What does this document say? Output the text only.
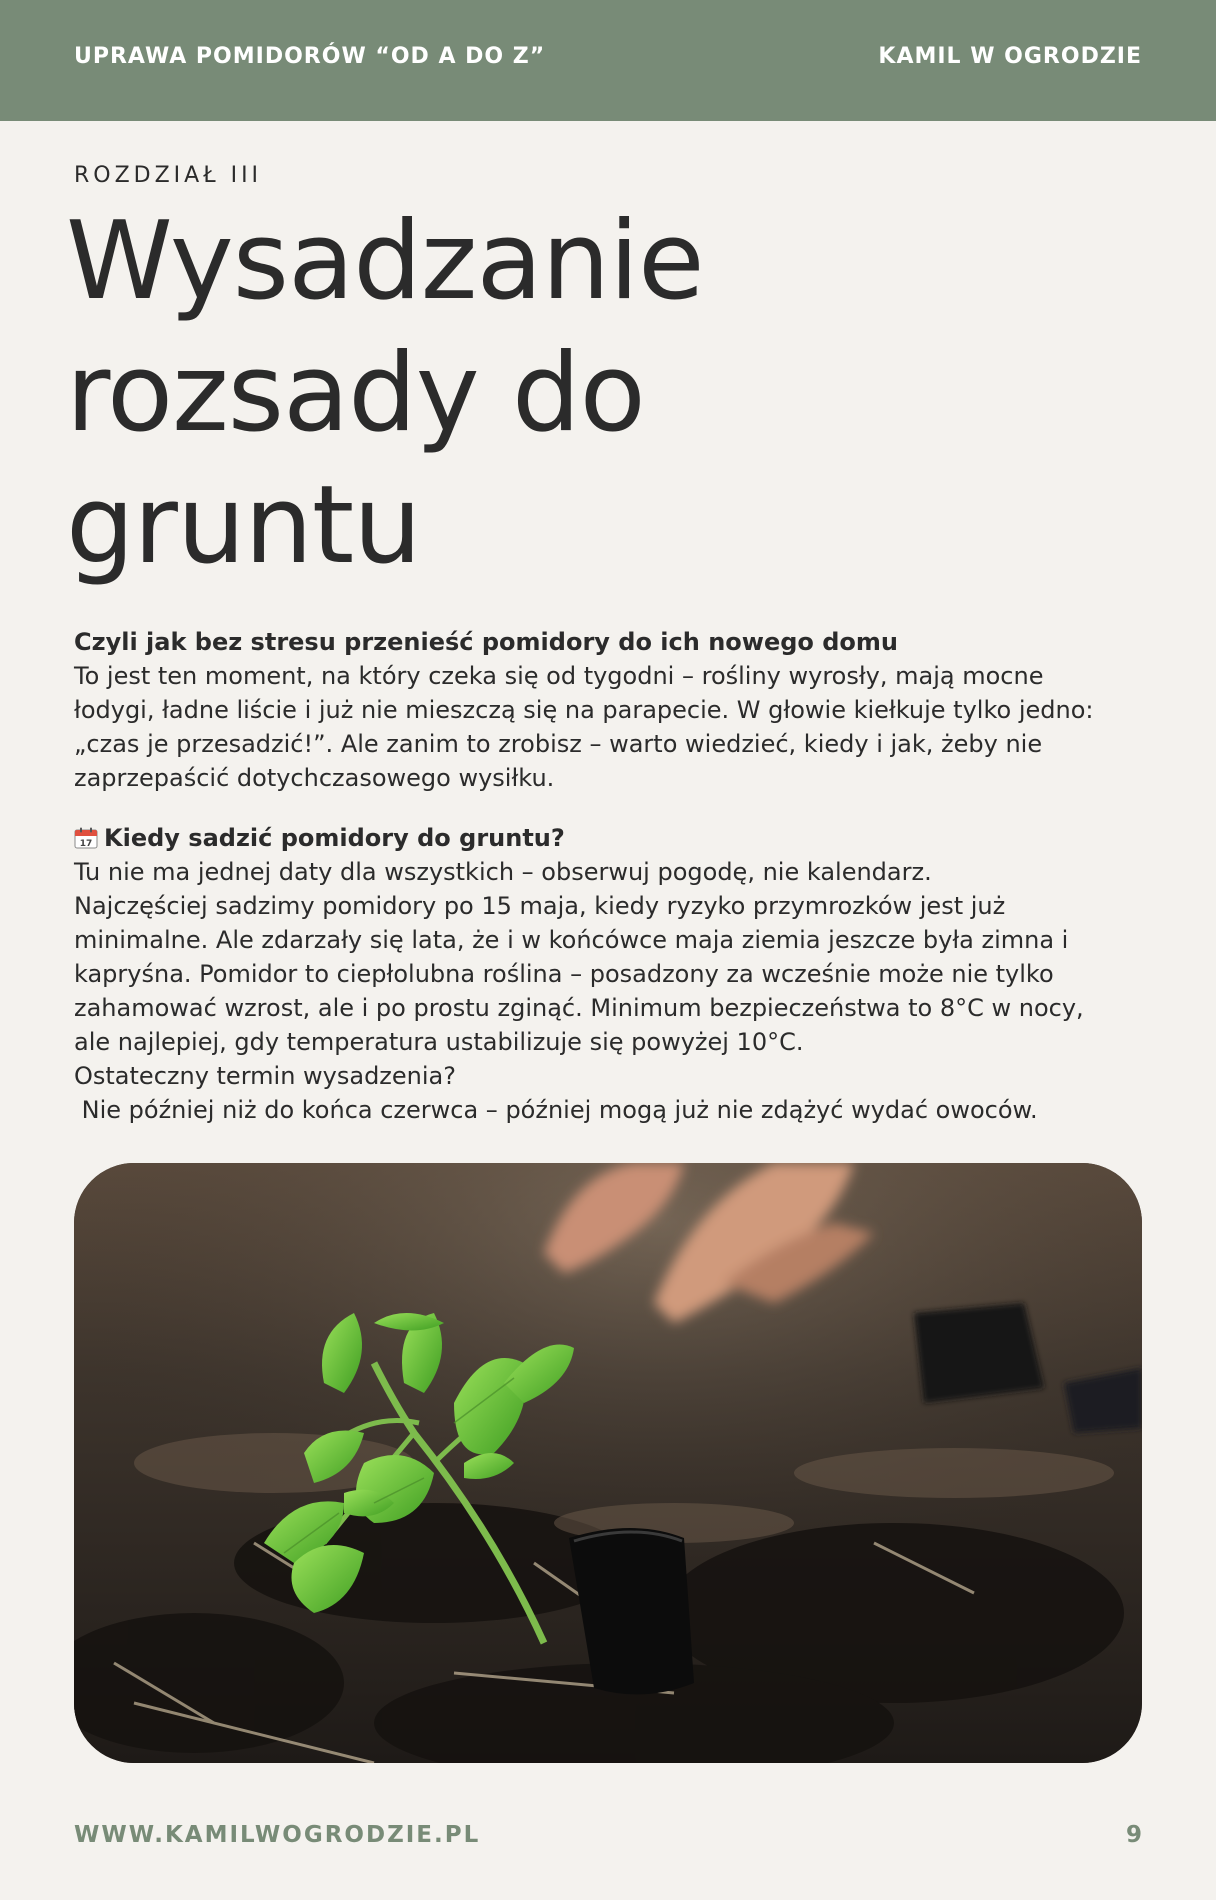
UPRAWA POMIDORÓW “OD A DO Z”	KAMIL W OGRODZIE
ROZDZIAŁ III
Wysadzanie
rozsady do
gruntu

Czyli jak bez stresu przenieść pomidory do ich nowego domu

To jest ten moment, na który czeka się od tygodni – rośliny wyrosły, mają mocne

łodygi, ładne liście i już nie mieszczą się na parapecie. W głowie kiełkuje tylko jedno:

„czas je przesadzić!”. Ale zanim to zrobisz – warto wiedzieć, kiedy i jak, żeby nie

zaprzepaścić dotychczasowego wysiłku.

17 Kiedy sadzić pomidory do gruntu?

Tu nie ma jednej daty dla wszystkich – obserwuj pogodę, nie kalendarz.

Najczęściej sadzimy pomidory po 15 maja, kiedy ryzyko przymrozków jest już

minimalne. Ale zdarzały się lata, że i w końcówce maja ziemia jeszcze była zimna i

kapryśna. Pomidor to ciepłolubna roślina – posadzony za wcześnie może nie tylko

zahamować wzrost, ale i po prostu zginąć. Minimum bezpieczeństwa to 8°C w nocy,

ale najlepiej, gdy temperatura ustabilizuje się powyżej 10°C.

Ostateczny termin wysadzenia?

Nie później niż do końca czerwca – później mogą już nie zdążyć wydać owoców.

WWW.KAMILWOGRODZIE.PL	9
